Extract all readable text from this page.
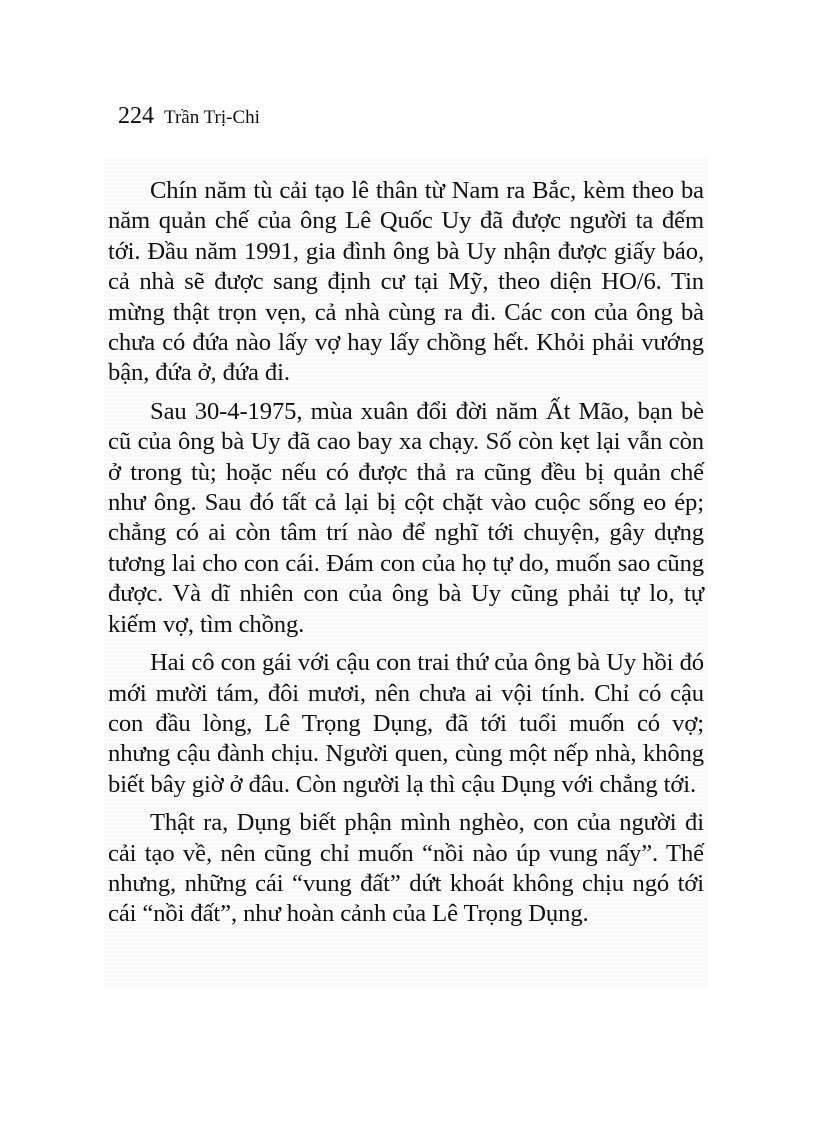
224 Trần Trị-Chi

Chín năm tù cải tạo lê thân từ Nam ra Bắc, kèm theo ba năm quản chế của ông Lê Quốc Uy đã được người ta đếm tới. Đầu năm 1991, gia đình ông bà Uy nhận được giấy báo, cả nhà sẽ được sang định cư tại Mỹ, theo diện HO/6. Tin mừng thật trọn vẹn, cả nhà cùng ra đi. Các con của ông bà chưa có đứa nào lấy vợ hay lấy chồng hết. Khỏi phải vướng bận, đứa ở, đứa đi.

Sau 30-4-1975, mùa xuân đổi đời năm Ất Mão, bạn bè cũ của ông bà Uy đã cao bay xa chạy. Số còn kẹt lại vẫn còn ở trong tù; hoặc nếu có được thả ra cũng đều bị quản chế như ông. Sau đó tất cả lại bị cột chặt vào cuộc sống eo ép; chẳng có ai còn tâm trí nào để nghĩ tới chuyện, gây dựng tương lai cho con cái. Đám con của họ tự do, muốn sao cũng được. Và dĩ nhiên con của ông bà Uy cũng phải tự lo, tự kiếm vợ, tìm chồng.

Hai cô con gái với cậu con trai thứ của ông bà Uy hồi đó mới mười tám, đôi mươi, nên chưa ai vội tính. Chỉ có cậu con đầu lòng, Lê Trọng Dụng, đã tới tuổi muốn có vợ; nhưng cậu đành chịu. Người quen, cùng một nếp nhà, không biết bây giờ ở đâu. Còn người lạ thì cậu Dụng với chẳng tới.

Thật ra, Dụng biết phận mình nghèo, con của người đi cải tạo về, nên cũng chỉ muốn “nồi nào úp vung nấy”. Thế nhưng, những cái “vung đất” dứt khoát không chịu ngó tới cái “nồi đất”, như hoàn cảnh của Lê Trọng Dụng.
